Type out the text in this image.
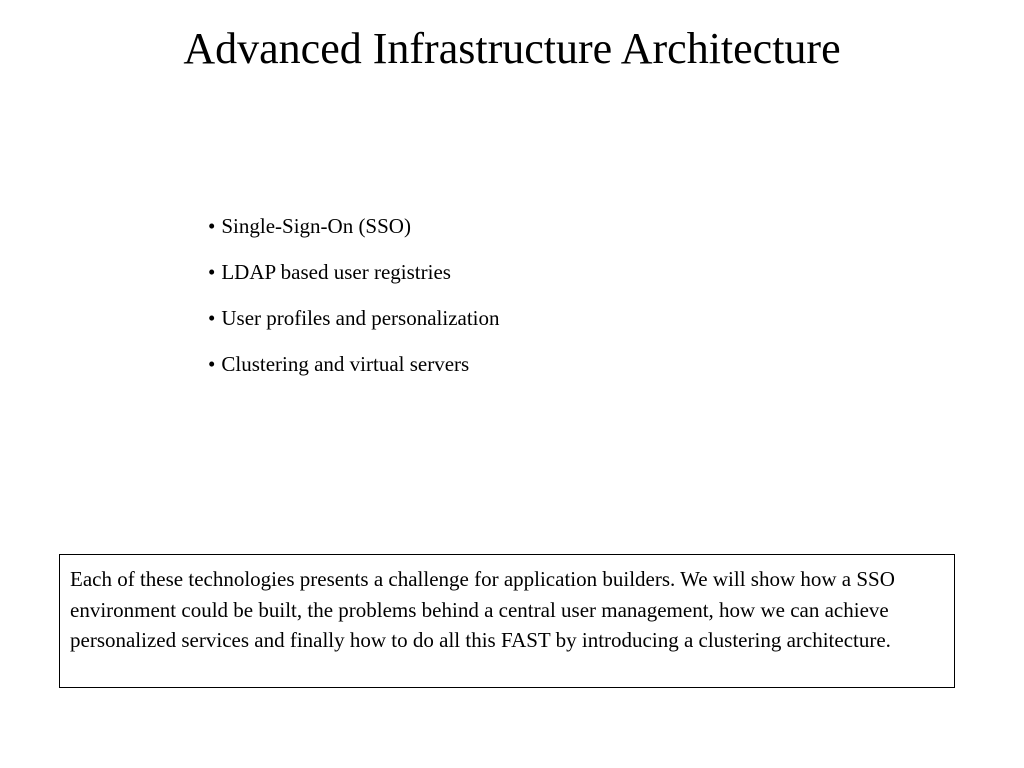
Advanced Infrastructure Architecture
• Single-Sign-On (SSO)
• LDAP based user registries
• User profiles and personalization
• Clustering and virtual servers

Each of these technologies presents a challenge for application builders. We will show how a SSO environment could be built, the problems behind a central user management, how we can achieve personalized services and finally how to do all this FAST by introducing a clustering architecture.
